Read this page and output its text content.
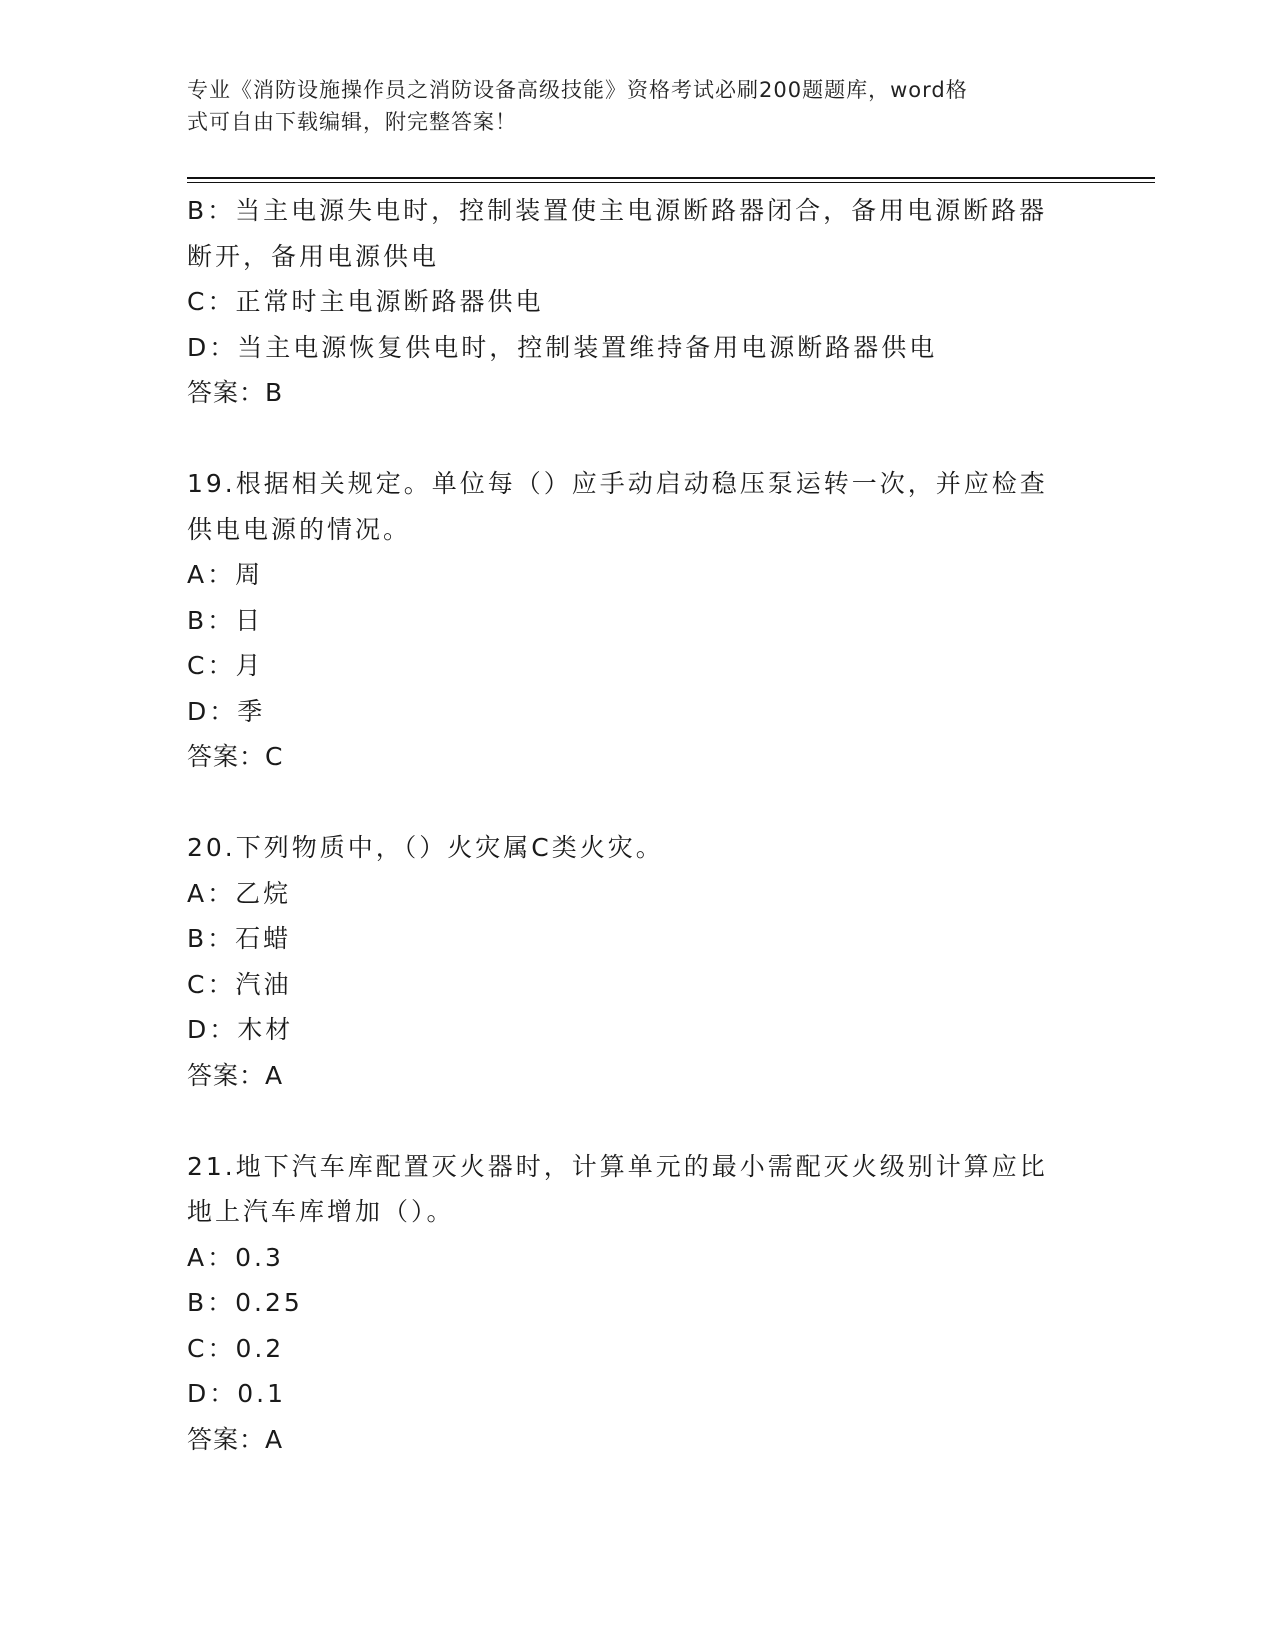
专业《消防设施操作员之消防设备高级技能》资格考试必刷200题题库，word格
式可自由下载编辑，附完整答案！
B：当主电源失电时，控制装置使主电源断路器闭合，备用电源断路器
断开，备用电源供电
C：正常时主电源断路器供电
D：当主电源恢复供电时，控制装置维持备用电源断路器供电
答案：B
19.根据相关规定。单位每（）应手动启动稳压泵运转一次，并应检查
供电电源的情况。
A：周
B：日
C：月
D：季
答案：C
20.下列物质中，（）火灾属C类火灾。
A：乙烷
B：石蜡
C：汽油
D：木材
答案：A
21.地下汽车库配置灭火器时，计算单元的最小需配灭火级别计算应比
地上汽车库增加（）。
A：0.3
B：0.25
C：0.2
D：0.1
答案：A
